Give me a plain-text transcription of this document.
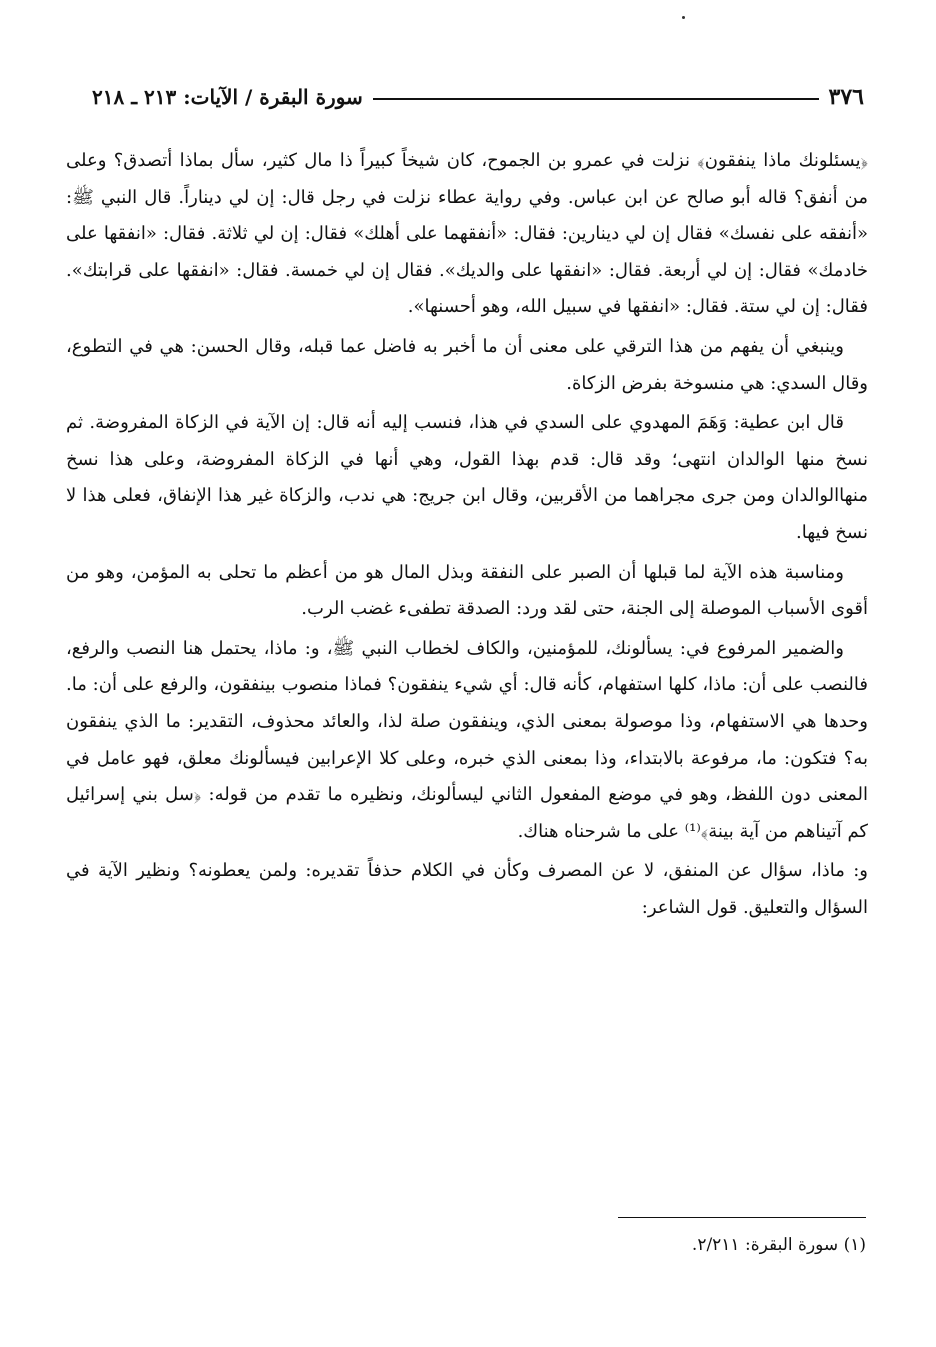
٣٧٦
سورة البقرة / الآيات: ٢١٣ ـ ٢١٨

﴿يسئلونك ماذا ينفقون﴾ نزلت في عمرو بن الجموح، كان شيخاً كبيراً ذا مال كثير، سأل بماذا أتصدق؟ وعلى من أنفق؟ قاله أبو صالح عن ابن عباس. وفي رواية عطاء نزلت في رجل قال: إن لي ديناراً. قال النبي ﷺ: «أنفقه على نفسك» فقال إن لي دينارين: فقال: «أنفقهما على أهلك» فقال: إن لي ثلاثة. فقال: «انفقها على خادمك» فقال: إن لي أربعة. فقال: «انفقها على والديك». فقال إن لي خمسة. فقال: «انفقها على قرابتك». فقال: إن لي ستة. فقال: «انفقها في سبيل الله، وهو أحسنها».

وينبغي أن يفهم من هذا الترقي على معنى أن ما أخبر به فاضل عما قبله، وقال الحسن: هي في التطوع، وقال السدي: هي منسوخة بفرض الزكاة.

قال ابن عطية: وَهَمَ المهدوي على السدي في هذا، فنسب إليه أنه قال: إن الآية في الزكاة المفروضة. ثم نسخ منها الوالدان انتهى؛ وقد قال: قدم بهذا القول، وهي أنها في الزكاة المفروضة، وعلى هذا نسخ منهاالوالدان ومن جرى مجراهما من الأقربين، وقال ابن جريج: هي ندب، والزكاة غير هذا الإنفاق، فعلى هذا لا نسخ فيها.

ومناسبة هذه الآية لما قبلها أن الصبر على النفقة وبذل المال هو من أعظم ما تحلى به المؤمن، وهو من أقوى الأسباب الموصلة إلى الجنة، حتى لقد ورد: الصدقة تطفىء غضب الرب.

والضمير المرفوع في: يسألونك، للمؤمنين، والكاف لخطاب النبي ﷺ، و: ماذا، يحتمل هنا النصب والرفع، فالنصب على أن: ماذا، كلها استفهام، كأنه قال: أي شيء ينفقون؟ فماذا منصوب بينفقون، والرفع على أن: ما. وحدها هي الاستفهام، وذا موصولة بمعنى الذي، وينفقون صلة لذا، والعائد محذوف، التقدير: ما الذي ينفقون به؟ فتكون: ما، مرفوعة بالابتداء، وذا بمعنى الذي خبره، وعلى كلا الإعرابين فيسألونك معلق، فهو عامل في المعنى دون اللفظ، وهو في موضع المفعول الثاني ليسألونك، ونظيره ما تقدم من قوله: ﴿سل بني إسرائيل كم آتيناهم من آية بينة﴾⁽¹⁾ على ما شرحناه هناك.

و: ماذا، سؤال عن المنفق، لا عن المصرف وكأن في الكلام حذفاً تقديره: ولمن يعطونه؟ ونظير الآية في السؤال والتعليق. قول الشاعر:

(١) سورة البقرة: ٢/٢١١.
